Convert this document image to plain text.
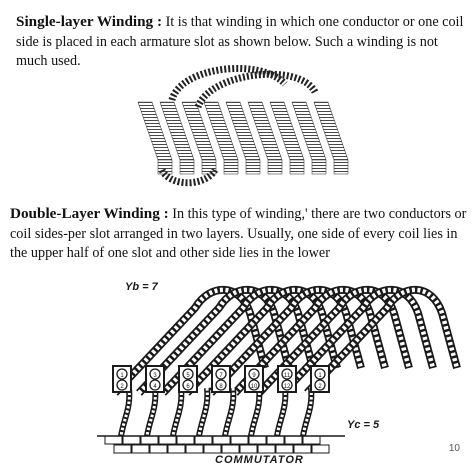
Single-layer Winding : It is that winding in which one conductor or one coil side is placed in each armature slot as shown below. Such a winding is not much used.

Double-Layer Winding : In this type of winding,' there are two conductors or coil sides-per slot arranged in two layers. Usually, one side of every coil lies in the upper half of one slot and other side lies in the lower

1
2
3
4
5
6
7
8
9
10
11
12
1
2
Yb = 7
Yc = 5
COMMUTATOR
10
